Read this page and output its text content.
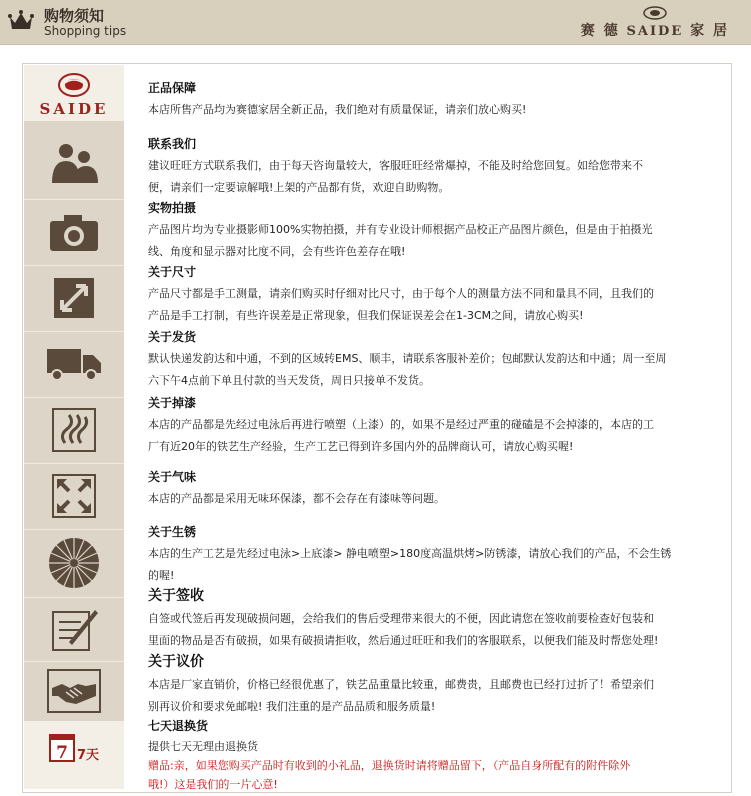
购物须知
Shopping tips	赛 德 SAIDE 家 居
SAIDE
7 7天
正品保障
本店所售产品均为赛德家居全新正品，我们绝对有质量保证，请亲们放心购买!
联系我们
建议旺旺方式联系我们，由于每天咨询量较大，客服旺旺经常爆掉，不能及时给您回复。如给您带来不
便，请亲们一定要谅解哦!上架的产品都有货，欢迎自助购物。
实物拍摄
产品图片均为专业摄影师100%实物拍摄，并有专业设计师根据产品校正产品图片颜色，但是由于拍摄光
线、角度和显示器对比度不同，会有些许色差存在哦!
关于尺寸
产品尺寸都是手工测量，请亲们购买时仔细对比尺寸，由于每个人的测量方法不同和量具不同，且我们的
产品是手工打制，有些许误差是正常现象，但我们保证误差会在1-3CM之间，请放心购买!
关于发货
默认快递发韵达和中通，不到的区域转EMS、顺丰，请联系客服补差价；包邮默认发韵达和中通；周一至周
六下午4点前下单且付款的当天发货，周日只接单不发货。
关于掉漆
本店的产品都是先经过电泳后再进行喷塑（上漆）的，如果不是经过严重的碰磕是不会掉漆的，本店的工
厂有近20年的铁艺生产经验，生产工艺已得到许多国内外的品牌商认可，请放心购买喔!
关于气味
本店的产品都是采用无味环保漆，都不会存在有漆味等问题。
关于生锈
本店的生产工艺是先经过电泳>上底漆> 静电喷塑>180度高温烘烤>防锈漆，请放心我们的产品，不会生锈
的喔!
关于签收
自签或代签后再发现破损问题，会给我们的售后受理带来很大的不便，因此请您在签收前要检查好包装和
里面的物品是否有破损，如果有破损请拒收，然后通过旺旺和我们的客服联系，以便我们能及时帮您处理!
关于议价
本店是厂家直销价，价格已经很优惠了，铁艺品重量比较重，邮费贵，且邮费也已经打过折了！希望亲们
别再议价和要求免邮啦! 我们注重的是产品品质和服务质量!
七天退换货
提供七天无理由退换货
赠品:亲，如果您购买产品时有收到的小礼品，退换货时请将赠品留下，（产品自身所配有的附件除外
哦!）这是我们的一片心意!
